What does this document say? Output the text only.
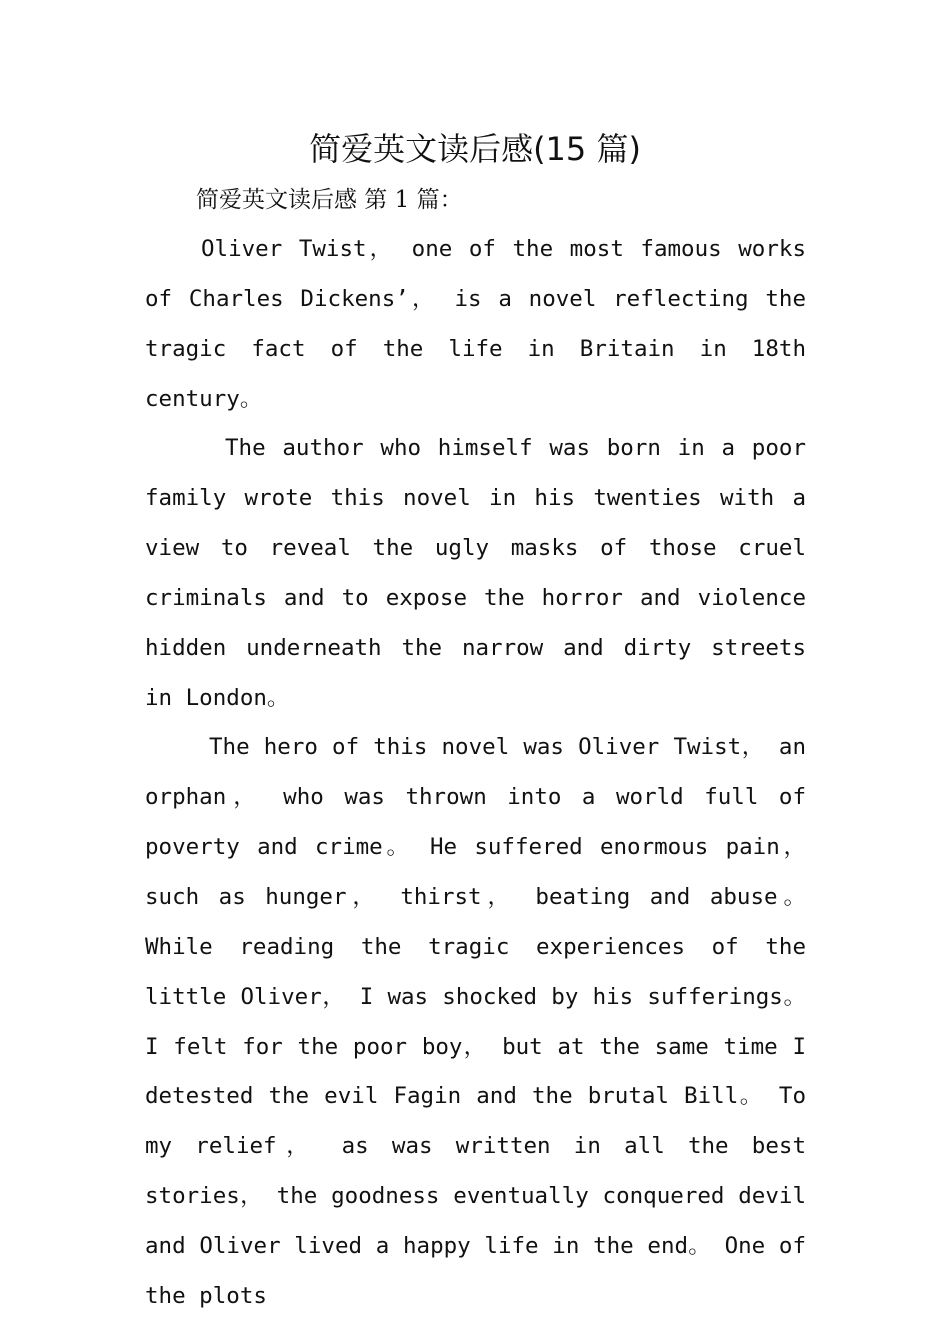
简爱英文读后感(15 篇)

简爱英文读后感 第 1 篇：

Oliver Twist， one of the most famous works of Charles Dickens’， is a novel reflecting the tragic fact of the life in Britain in 18th century。

The author who himself was born in a poor family wrote this novel in his twenties with a view to reveal the ugly masks of those cruel criminals and to expose the horror and violence hidden underneath the narrow and dirty streets in London。

The hero of this novel was Oliver Twist， an orphan， who was thrown into a world full of poverty and crime。 He suffered enormous pain， such as hunger， thirst， beating and abuse。 While reading the tragic experiences of the little Oliver， I was shocked by his sufferings。 I felt for the poor boy， but at the same time I detested the evil Fagin and the brutal Bill。 To my relief， as was written in all the best stories， the goodness eventually conquered devil and Oliver lived a happy life in the end。 One of the plots
